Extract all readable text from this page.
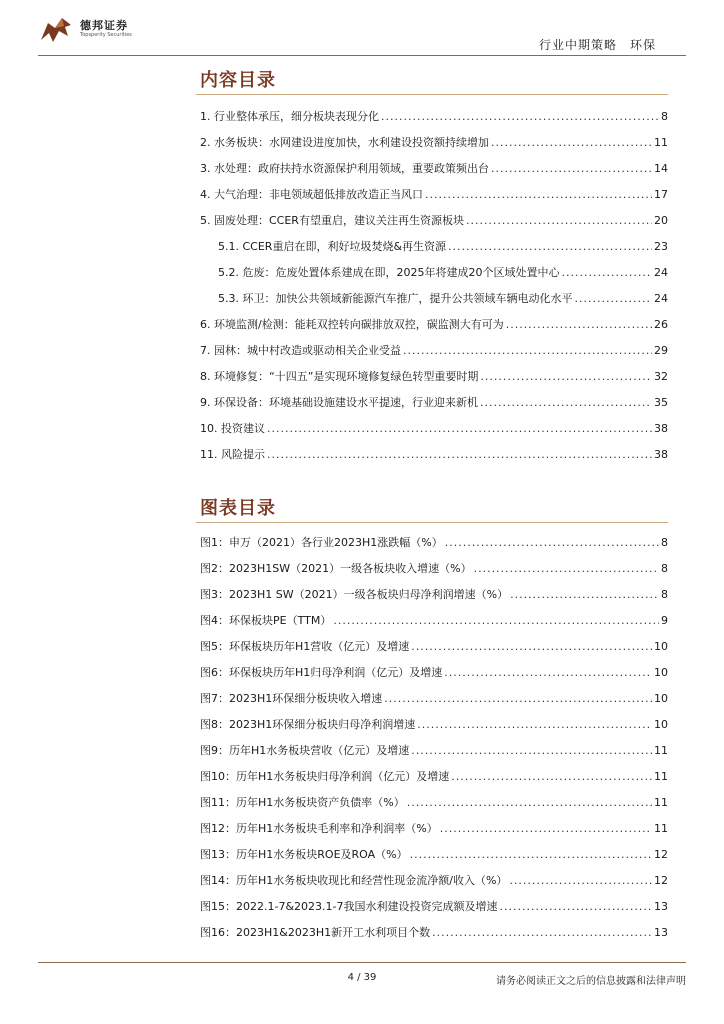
德邦证券
Topsperity Securities
行业中期策略　环保
内容目录
1. 行业整体承压，细分板块表现分化 .....	8
2. 水务板块：水网建设进度加快，水利建设投资额持续增加 .....	11
3. 水处理：政府扶持水资源保护利用领域，重要政策频出台 .....	14
4. 大气治理：非电领域超低排放改造正当风口 .....	17
5. 固废处理：CCER有望重启，建议关注再生资源板块 .....	20
5.1. CCER重启在即，利好垃圾焚烧&再生资源 .....	23
5.2. 危废：危废处置体系建成在即，2025年将建成20个区域处置中心 .....	24
5.3. 环卫：加快公共领域新能源汽车推广，提升公共领域车辆电动化水平 .....	24
6. 环境监测/检测：能耗双控转向碳排放双控，碳监测大有可为 .....	26
7. 园林：城中村改造或驱动相关企业受益 .....	29
8. 环境修复：“十四五”是实现环境修复绿色转型重要时期 .....	32
9. 环保设备：环境基础设施建设水平提速，行业迎来新机 .....	35
10. 投资建议 .....	38
11. 风险提示 .....	38
图表目录
图1：申万（2021）各行业2023H1涨跌幅（%） .....	8
图2：2023H1SW（2021）一级各板块收入增速（%） .....	8
图3：2023H1 SW（2021）一级各板块归母净利润增速（%） .....	8
图4：环保板块PE（TTM） .....	9
图5：环保板块历年H1营收（亿元）及增速 .....	10
图6：环保板块历年H1归母净利润（亿元）及增速 .....	10
图7：2023H1环保细分板块收入增速 .....	10
图8：2023H1环保细分板块归母净利润增速 .....	10
图9：历年H1水务板块营收（亿元）及增速 .....	11
图10：历年H1水务板块归母净利润（亿元）及增速 .....	11
图11：历年H1水务板块资产负债率（%） .....	11
图12：历年H1水务板块毛利率和净利润率（%） .....	11
图13：历年H1水务板块ROE及ROA（%） .....	12
图14：历年H1水务板块收现比和经营性现金流净额/收入（%） .....	12
图15：2022.1-7&2023.1-7我国水利建设投资完成额及增速 .....	13
图16：2023H1&2023H1新开工水利项目个数 .....	13
4 / 39	请务必阅读正文之后的信息披露和法律声明
